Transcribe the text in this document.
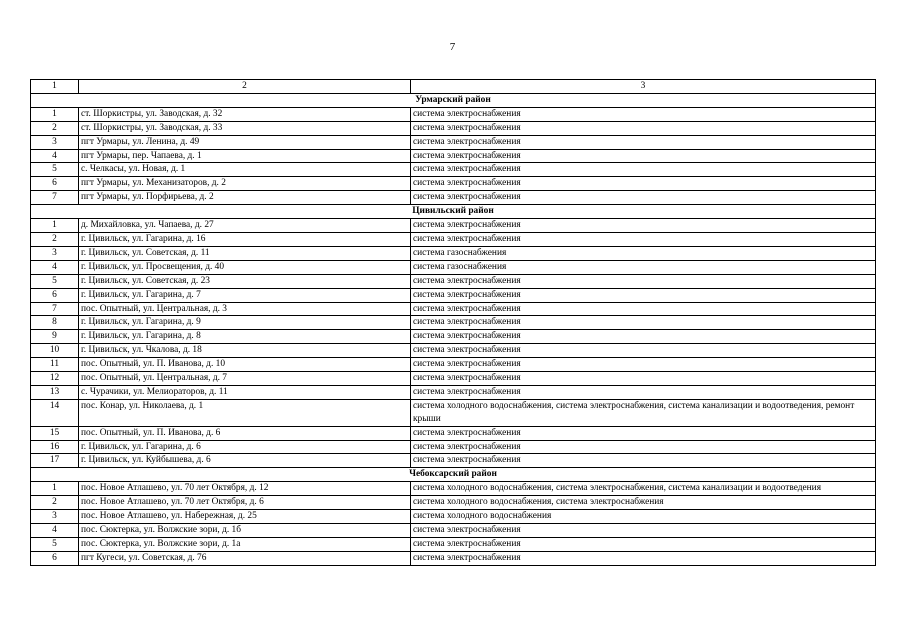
7
1	2	3
Урмарский район		
1	ст. Шоркистры, ул. Заводская, д. 32	система электроснабжения
2	ст. Шоркистры, ул. Заводская, д. 33	система электроснабжения
3	пгт Урмары, ул. Ленина, д. 49	система электроснабжения
4	пгт Урмары, пер. Чапаева, д. 1	система электроснабжения
5	с. Челкасы, ул. Новая, д. 1	система электроснабжения
6	пгт Урмары, ул. Механизаторов, д. 2	система электроснабжения
7	пгт Урмары, ул. Порфирьева, д. 2	система электроснабжения
Цивильский район		
1	д. Михайловка, ул. Чапаева, д. 27	система электроснабжения
2	г. Цивильск, ул. Гагарина, д. 16	система электроснабжения
3	г. Цивильск, ул. Советская, д. 11	система газоснабжения
4	г. Цивильск, ул. Просвещения, д. 40	система газоснабжения
5	г. Цивильск, ул. Советская, д. 23	система электроснабжения
6	г. Цивильск, ул. Гагарина, д. 7	система электроснабжения
7	пос. Опытный, ул. Центральная, д. 3	система электроснабжения
8	г. Цивильск, ул. Гагарина, д. 9	система электроснабжения
9	г. Цивильск, ул. Гагарина, д. 8	система электроснабжения
10	г. Цивильск, ул. Чкалова, д. 18	система электроснабжения
11	пос. Опытный, ул. П. Иванова, д. 10	система электроснабжения
12	пос. Опытный, ул. Центральная, д. 7	система электроснабжения
13	с. Чурачики, ул. Мелиораторов, д. 11	система электроснабжения
14	пос. Конар, ул. Николаева, д. 1	система холодного водоснабжения, система электроснабжения, система канализации и водоотведения, ремонт крыши
15	пос. Опытный, ул. П. Иванова, д. 6	система электроснабжения
16	г. Цивильск, ул. Гагарина, д. 6	система электроснабжения
17	г. Цивильск, ул. Куйбышева, д. 6	система электроснабжения
Чебоксарский район		
1	пос. Новое Атлашево, ул. 70 лет Октября, д. 12	система холодного водоснабжения, система электроснабжения, система канализации и водоотведения
2	пос. Новое Атлашево, ул. 70 лет Октября, д. 6	система холодного водоснабжения, система электроснабжения
3	пос. Новое Атлашево, ул. Набережная, д. 25	система холодного водоснабжения
4	пос. Сюктерка, ул. Волжские зори, д. 1б	система электроснабжения
5	пос. Сюктерка, ул. Волжские зори, д. 1а	система электроснабжения
6	пгт Кугеси, ул. Советская, д. 76	система электроснабжения
